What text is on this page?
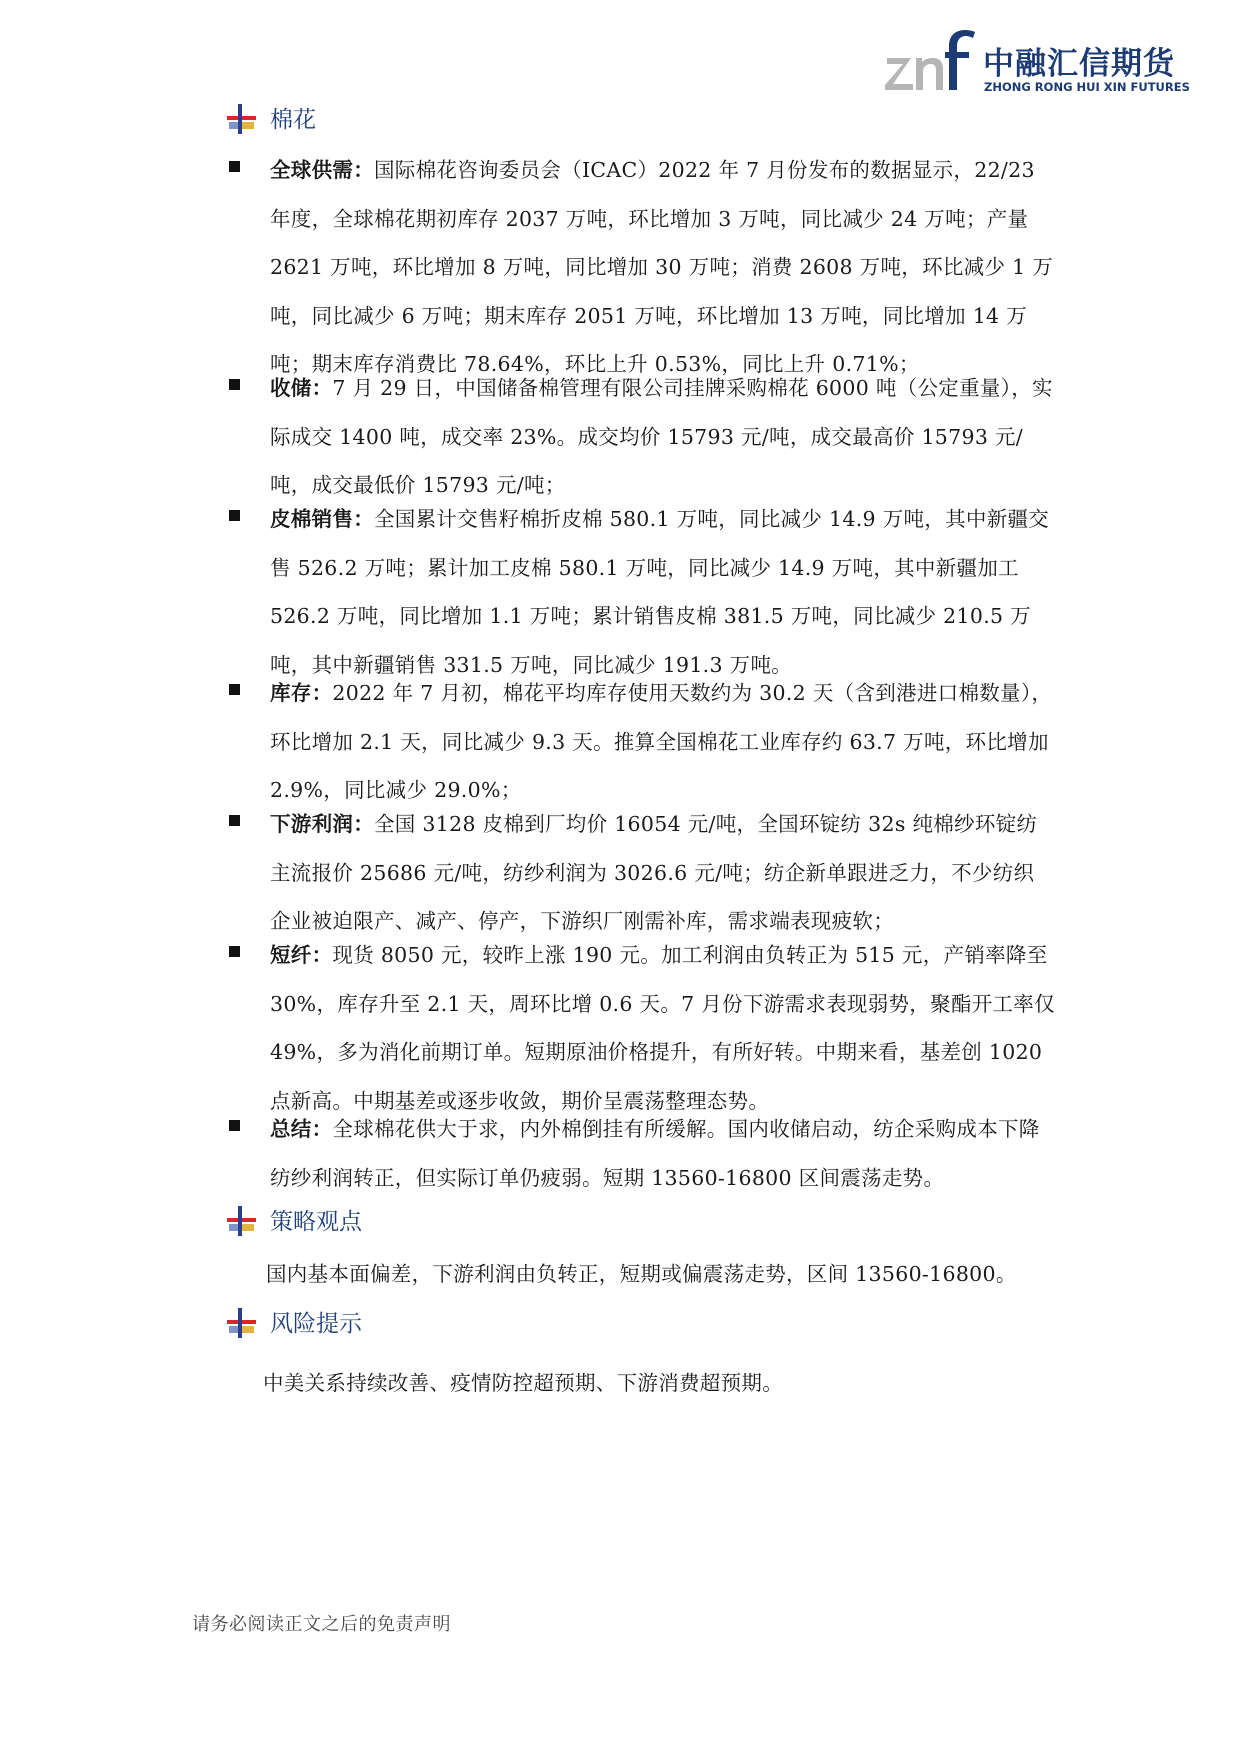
中融汇信期货
ZHONG RONG HUI XIN FUTURES
棉花
全球供需：国际棉花咨询委员会（ICAC）2022 年 7 月份发布的数据显示，22/23 年度，全球棉花期初库存 2037 万吨，环比增加 3 万吨，同比减少 24 万吨；产量 2621 万吨，环比增加 8 万吨，同比增加 30 万吨；消费 2608 万吨，环比减少 1 万吨，同比减少 6 万吨；期末库存 2051 万吨，环比增加 13 万吨，同比增加 14 万吨；期末库存消费比 78.64%，环比上升 0.53%，同比上升 0.71%；
收储：7 月 29 日，中国储备棉管理有限公司挂牌采购棉花 6000 吨（公定重量），实际成交 1400 吨，成交率 23%。成交均价 15793 元/吨，成交最高价 15793 元/吨，成交最低价 15793 元/吨；
皮棉销售：全国累计交售籽棉折皮棉 580.1 万吨，同比减少 14.9 万吨，其中新疆交售 526.2 万吨；累计加工皮棉 580.1 万吨，同比减少 14.9 万吨，其中新疆加工 526.2 万吨，同比增加 1.1 万吨；累计销售皮棉 381.5 万吨，同比减少 210.5 万吨，其中新疆销售 331.5 万吨，同比减少 191.3 万吨。
库存：2022 年 7 月初，棉花平均库存使用天数约为 30.2 天（含到港进口棉数量），环比增加 2.1 天，同比减少 9.3 天。推算全国棉花工业库存约 63.7 万吨，环比增加 2.9%，同比减少 29.0%；
下游利润：全国 3128 皮棉到厂均价 16054 元/吨，全国环锭纺 32s 纯棉纱环锭纺主流报价 25686 元/吨，纺纱利润为 3026.6 元/吨；纺企新单跟进乏力，不少纺织企业被迫限产、减产、停产，下游织厂刚需补库，需求端表现疲软；
短纤：现货 8050 元，较昨上涨 190 元。加工利润由负转正为 515 元，产销率降至 30%，库存升至 2.1 天，周环比增 0.6 天。7 月份下游需求表现弱势，聚酯开工率仅 49%，多为消化前期订单。短期原油价格提升，有所好转。中期来看，基差创 1020 点新高。中期基差或逐步收敛，期价呈震荡整理态势。
总结：全球棉花供大于求，内外棉倒挂有所缓解。国内收储启动，纺企采购成本下降纺纱利润转正，但实际订单仍疲弱。短期 13560-16800 区间震荡走势。
策略观点
国内基本面偏差，下游利润由负转正，短期或偏震荡走势，区间 13560-16800。
风险提示
中美关系持续改善、疫情防控超预期、下游消费超预期。
请务必阅读正文之后的免责声明
